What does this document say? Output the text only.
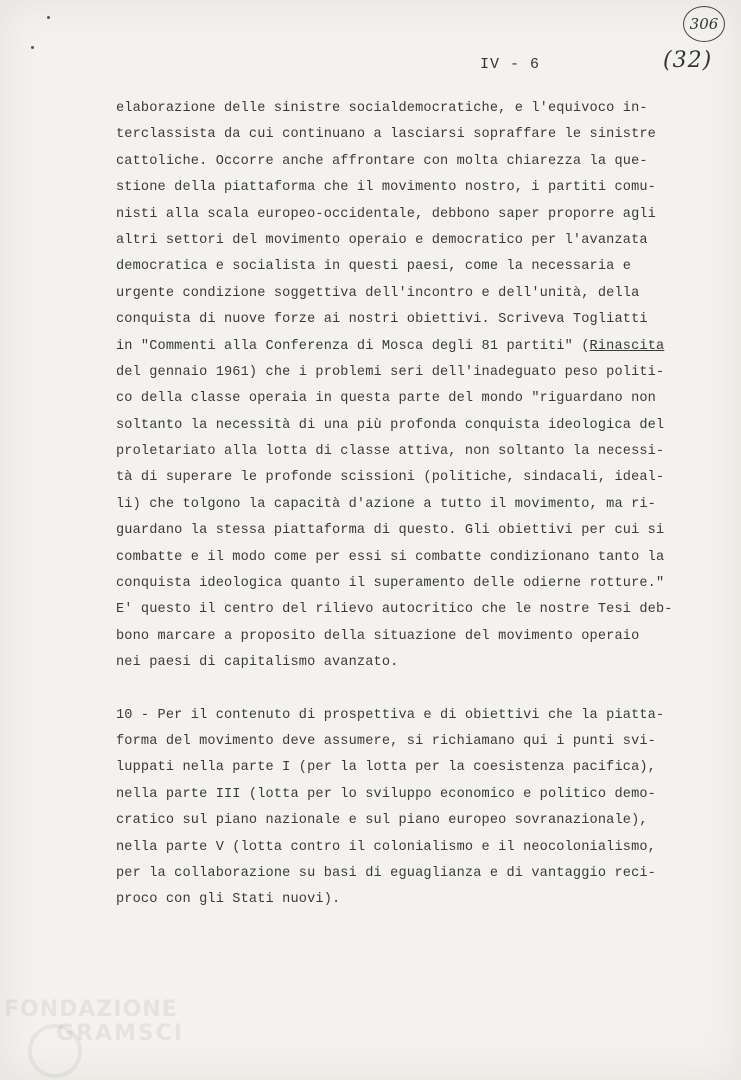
306
(32)
IV - 6

elaborazione delle sinistre socialdemocratiche, e l'equivoco in-

terclassista da cui continuano a lasciarsi sopraffare le sinistre

cattoliche. Occorre anche affrontare con molta chiarezza la que-

stione della piattaforma che il movimento nostro, i partiti comu-

nisti alla scala europeo-occidentale, debbono saper proporre agli

altri settori del movimento operaio e democratico per l'avanzata

democratica e socialista in questi paesi, come la necessaria e

urgente condizione soggettiva dell'incontro e dell'unità, della

conquista di nuove forze ai nostri obiettivi. Scriveva Togliatti

in "Commenti alla Conferenza di Mosca degli 81 partiti" (Rinascita

del gennaio 1961) che i problemi seri dell'inadeguato peso politi-

co della classe operaia in questa parte del mondo "riguardano non

soltanto la necessità di una più profonda conquista ideologica del

proletariato alla lotta di classe attiva, non soltanto la necessi-

tà di superare le profonde scissioni (politiche, sindacali, ideal-

li) che tolgono la capacità d'azione a tutto il movimento, ma ri-

guardano la stessa piattaforma di questo. Gli obiettivi per cui si

combatte e il modo come per essi si combatte condizionano tanto la

conquista ideologica quanto il superamento delle odierne rotture."

E' questo il centro del rilievo autocritico che le nostre Tesi deb-

bono marcare a proposito della situazione del movimento operaio

nei paesi di capitalismo avanzato.

10 - Per il contenuto di prospettiva e di obiettivi che la piatta-

forma del movimento deve assumere, si richiamano qui i punti svi-

luppati nella parte I (per la lotta per la coesistenza pacifica),

nella parte III (lotta per lo sviluppo economico e politico demo-

cratico sul piano nazionale e sul piano europeo sovranazionale),

nella parte V (lotta contro il colonialismo e il neocolonialismo,

per la collaborazione su basi di eguaglianza e di vantaggio reci-

proco con gli Stati nuovi).

FONDAZIONE
GRAMSCI
